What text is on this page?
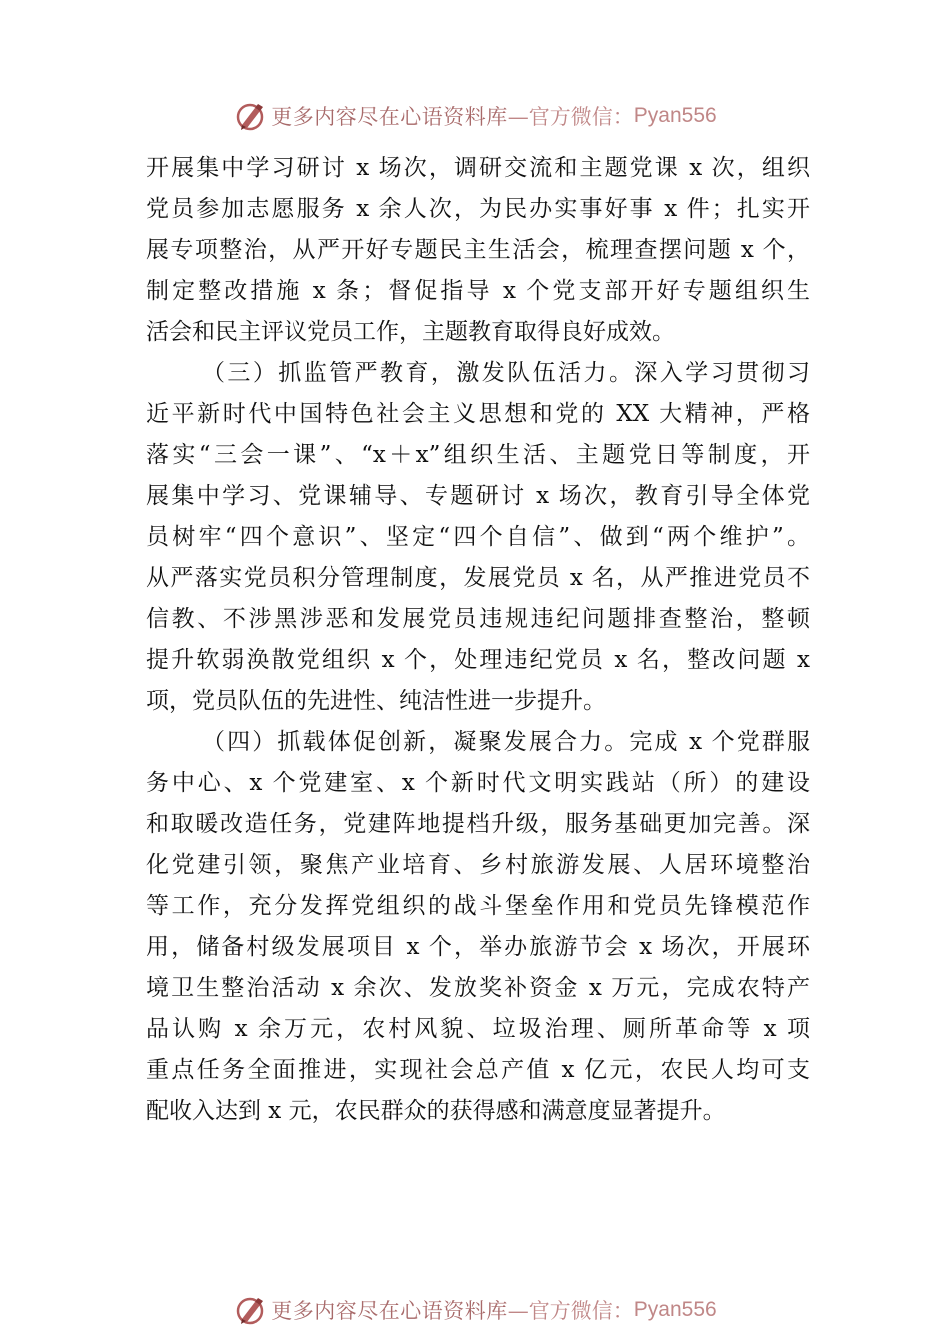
更多内容尽在心语资料库 —官方微信： Pyan556
开展集中学习研讨 x 场次，调研交流和主题党课 x 次，组织
党员参加志愿服务 x 余人次，为民办实事好事 x 件；扎实开
展专项整治，从严开好专题民主生活会，梳理查摆问题 x 个，
制定整改措施 x 条；督促指导 x 个党支部开好专题组织生
活会和民主评议党员工作，主题教育取得良好成效。
（三）抓监管严教育，激发队伍活力。深入学习贯彻习
近平新时代中国特色社会主义思想和党的 XX 大精神，严格
落实“三会一课”、“x＋x”组织生活、主题党日等制度，开
展集中学习、党课辅导、专题研讨 x 场次，教育引导全体党
员树牢“四个意识”、坚定“四个自信”、做到“两个维护”。
从严落实党员积分管理制度，发展党员 x 名，从严推进党员不
信教、不涉黑涉恶和发展党员违规违纪问题排查整治，整顿
提升软弱涣散党组织 x 个，处理违纪党员 x 名，整改问题 x
项，党员队伍的先进性、纯洁性进一步提升。
（四）抓载体促创新，凝聚发展合力。完成 x 个党群服
务中心、x 个党建室、x 个新时代文明实践站（所）的建设
和取暖改造任务，党建阵地提档升级，服务基础更加完善。深
化党建引领，聚焦产业培育、乡村旅游发展、人居环境整治
等工作，充分发挥党组织的战斗堡垒作用和党员先锋模范作
用，储备村级发展项目 x 个，举办旅游节会 x 场次，开展环
境卫生整治活动 x 余次、发放奖补资金 x 万元，完成农特产
品认购 x 余万元，农村风貌、垃圾治理、厕所革命等 x 项
重点任务全面推进，实现社会总产值 x 亿元，农民人均可支
配收入达到 x 元，农民群众的获得感和满意度显著提升。
更多内容尽在心语资料库 —官方微信： Pyan556
